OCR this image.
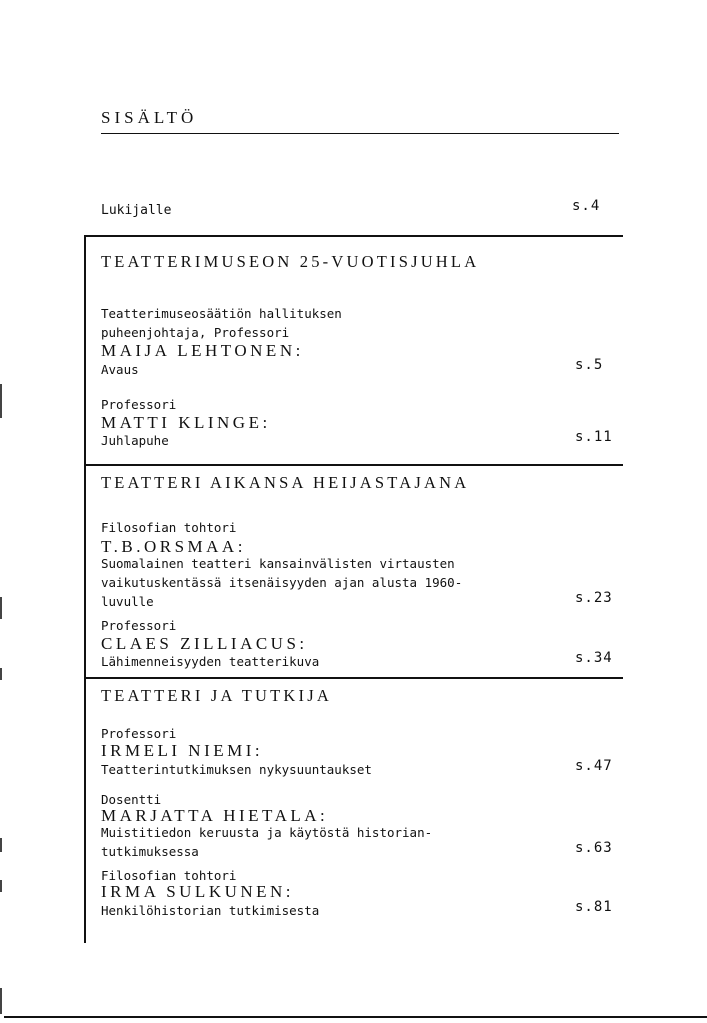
SISÄLTÖ
Lukijalle	s.4
TEATTERIMUSEON 25-VUOTISJUHLA
Teatterimuseosäätiön hallituksen
puheenjohtaja, Professori
MAIJA LEHTONEN:
Avaus	s.5
Professori
MATTI KLINGE:
Juhlapuhe	s.11
TEATTERI AIKANSA HEIJASTAJANA
Filosofian tohtori
T.B.ORSMAA:
Suomalainen teatteri kansainvälisten virtausten
vaikutuskentässä itsenäisyyden ajan alusta 1960-
luvulle	s.23
Professori
CLAES ZILLIACUS:
Lähimenneisyyden teatterikuva	s.34
TEATTERI JA TUTKIJA
Professori
IRMELI NIEMI:
Teatterintutkimuksen nykysuuntaukset	s.47
Dosentti
MARJATTA HIETALA:
Muistitiedon keruusta ja käytöstä historian-
tutkimuksessa	s.63
Filosofian tohtori
IRMA SULKUNEN:
Henkilöhistorian tutkimisesta	s.81
